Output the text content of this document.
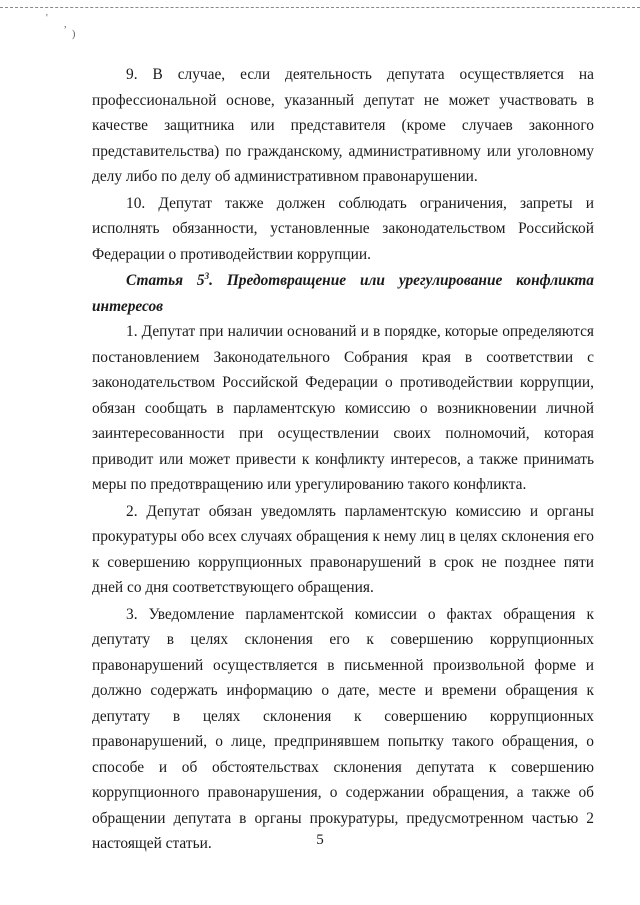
'
,
)

9. В случае, если деятельность депутата осуществляется на профессиональной основе, указанный депутат не может участвовать в качестве защитника или представителя (кроме случаев законного представительства) по гражданскому, административному или уголовному делу либо по делу об административном правонарушении.

10. Депутат также должен соблюдать ограничения, запреты и исполнять обязанности, установленные законодательством Российской Федерации о противодействии коррупции.

Статья $5^3$. Предотвращение или урегулирование конфликта интересов

1. Депутат при наличии оснований и в порядке, которые определяются постановлением Законодательного Собрания края в соответствии с законодательством Российской Федерации о противодействии коррупции, обязан сообщать в парламентскую комиссию о возникновении личной заинтересованности при осуществлении своих полномочий, которая приводит или может привести к конфликту интересов, а также принимать меры по предотвращению или урегулированию такого конфликта.

2. Депутат обязан уведомлять парламентскую комиссию и органы прокуратуры обо всех случаях обращения к нему лиц в целях склонения его к совершению коррупционных правонарушений в срок не позднее пяти дней со дня соответствующего обращения.

3. Уведомление парламентской комиссии о фактах обращения к депутату в целях склонения его к совершению коррупционных правонарушений осуществляется в письменной произвольной форме и должно содержать информацию о дате, месте и времени обращения к депутату в целях склонения к совершению коррупционных правонарушений, о лице, предпринявшем попытку такого обращения, о способе и об обстоятельствах склонения депутата к совершению коррупционного правонарушения, о содержании обращения, а также об обращении депутата в органы прокуратуры, предусмотренном частью 2 настоящей статьи.	5
